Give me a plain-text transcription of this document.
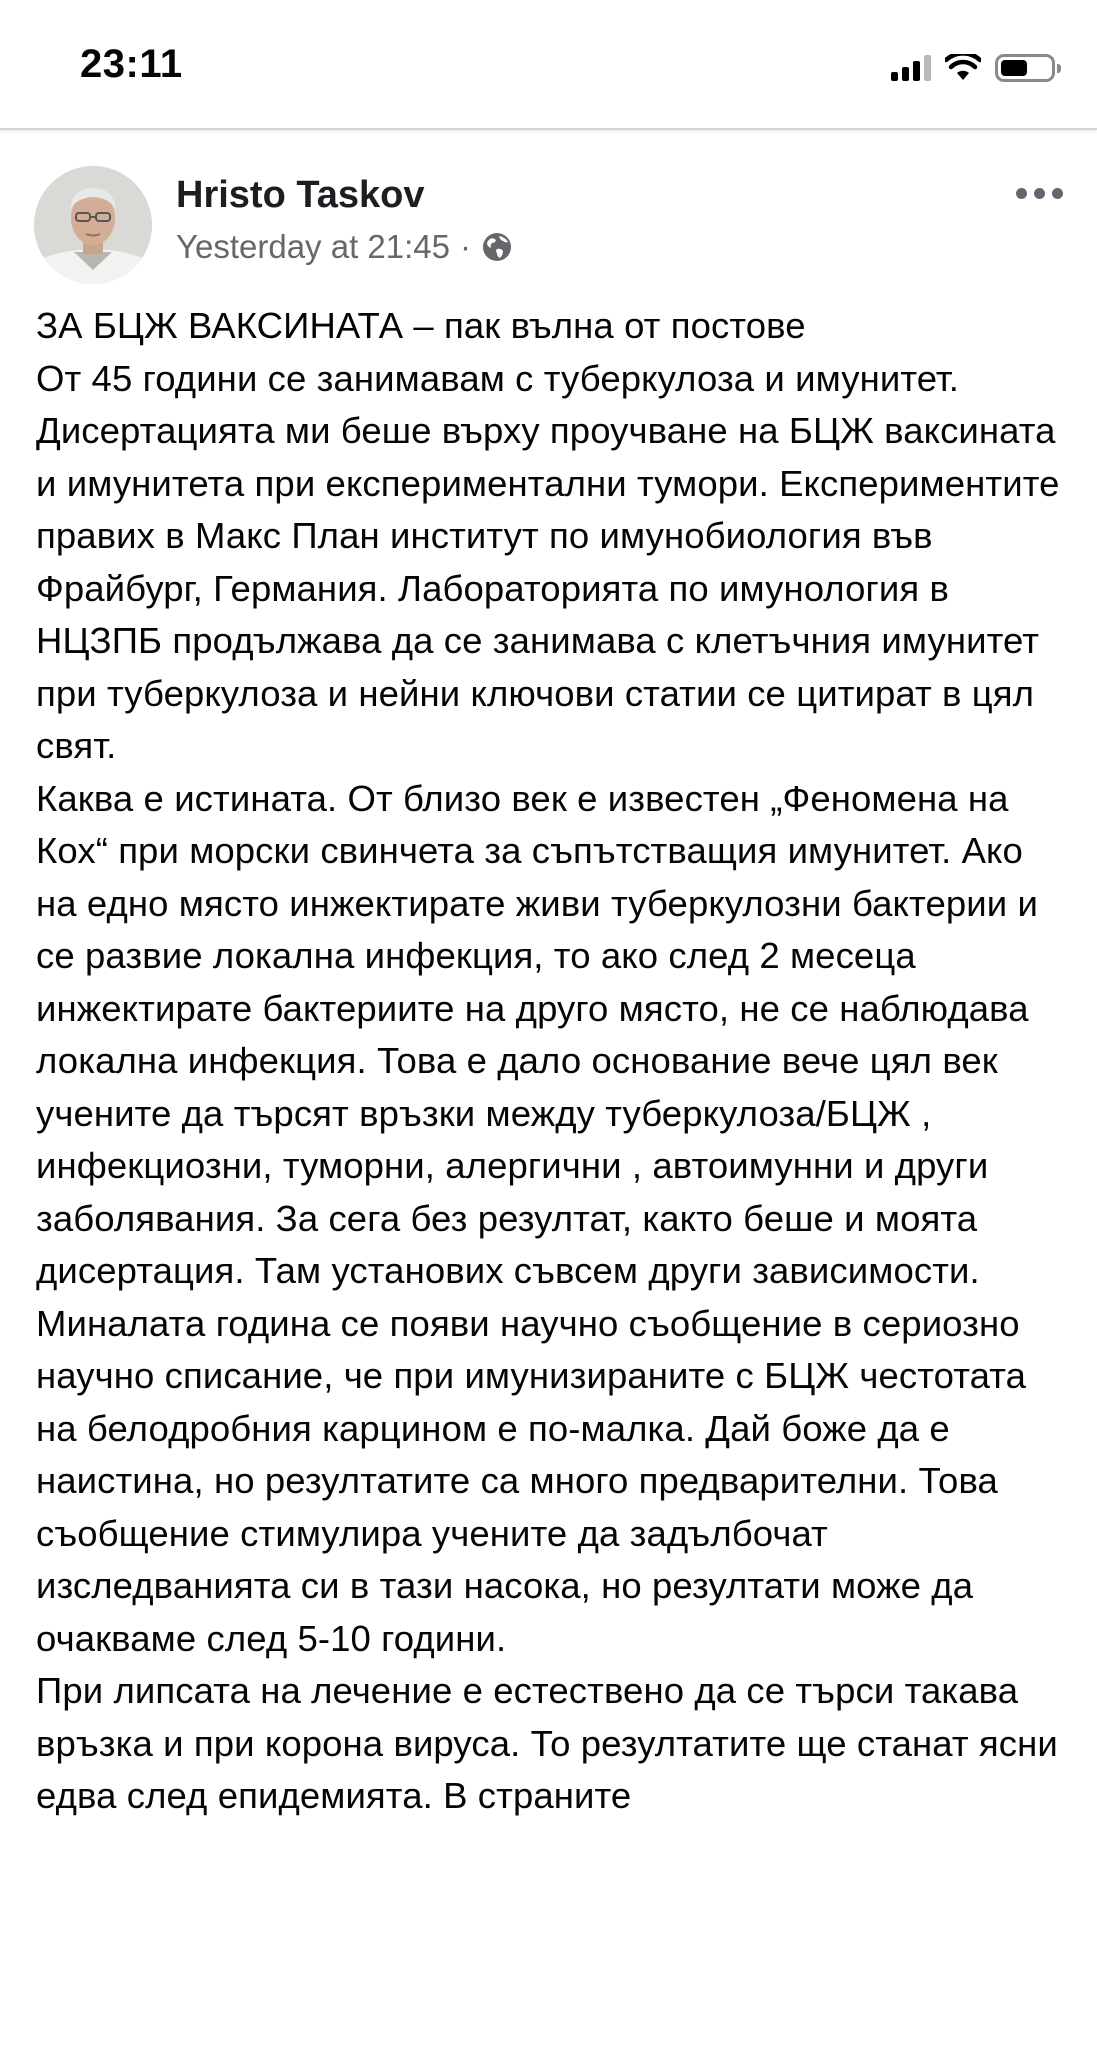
23:11
Hristo Taskov
Yesterday at 21:45 ·

ЗА БЦЖ ВАКСИНАТА – пак вълна от постове

От 45 години се занимавам с туберкулоза и имунитет. Дисертацията ми беше върху проучване на БЦЖ ваксината и имунитета при експериментални тумори. Експериментите правих в Макс План институт по имунобиология във Фрайбург, Германия. Лабораторията по имунология в НЦЗПБ продължава да се занимава с клетъчния имунитет при туберкулоза и нейни ключови статии се цитират в цял свят.

Каква е истината. От близо век е известен „Феномена на Кох“ при морски свинчета за съпътстващия имунитет. Ако на едно място инжектирате живи туберкулозни бактерии и се развие локална инфекция, то ако след 2 месеца инжектирате бактериите на друго място, не се наблюдава локална инфекция. Това е дало основание вече цял век учените да търсят връзки между туберкулоза/БЦЖ , инфекциозни, туморни, алергични , автоимунни и други заболявания. За сега без резултат, както беше и моята дисертация. Там установих съвсем други зависимости.

Миналата година се появи научно съобщение в сериозно научно списание, че при имунизираните с БЦЖ честотата на белодробния карцином е по-малка. Дай боже да е наистина, но резултатите са много предварителни. Това съобщение стимулира учените да задълбочат изследванията си в тази насока, но резултати може да очакваме след 5-10 години.

При липсата на лечение е естествено да се търси такава връзка и при корона вируса. То резултатите ще станат ясни едва след епидемията. В страните
